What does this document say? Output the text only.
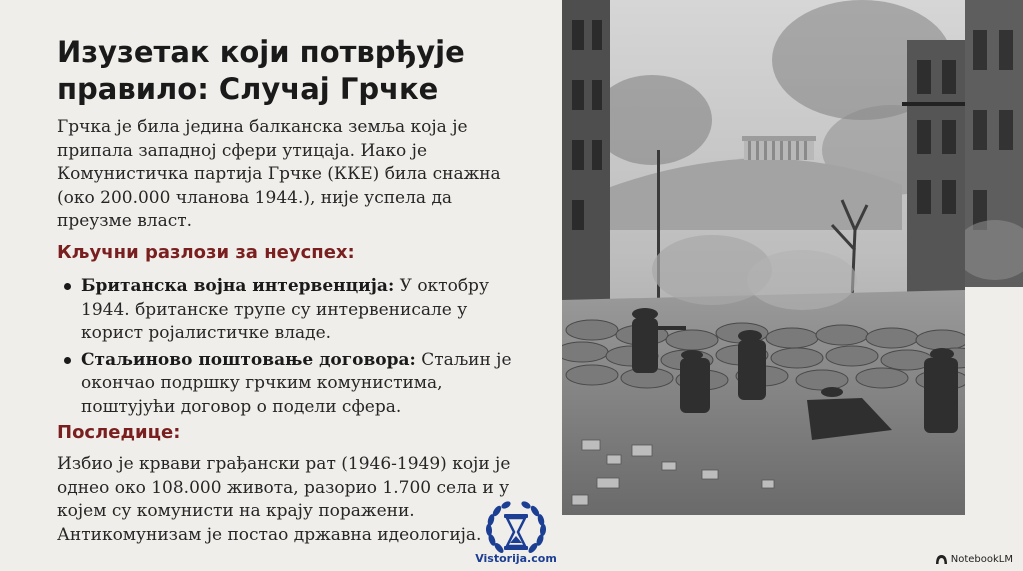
Изузетак који потврђује правило: Случај Грчке

Грчка је била једина балканска земља која је припала западној сфери утицаја. Иако је Комунистичка партија Грчке (ККЕ) била снажна (око 200.000 чланова 1944.), није успела да преузме власт.

Кључни разлози за неуспех:
Британска војна интервенција: У октобру 1944. британске трупе су интервенисале у корист ројалистичке владе.
Стаљиново поштовање договора: Стаљин је окончао подршку грчким комунистима, поштујући договор о подели сфера.
Последице:

Избио је крвави грађански рат (1946-1949) који је однео око 108.000 живота, разорио 1.700 села и у којем су комунисти на крају поражени. Антикомунизам је постао државна идеологија.

Vistorija.com	NotebookLM
